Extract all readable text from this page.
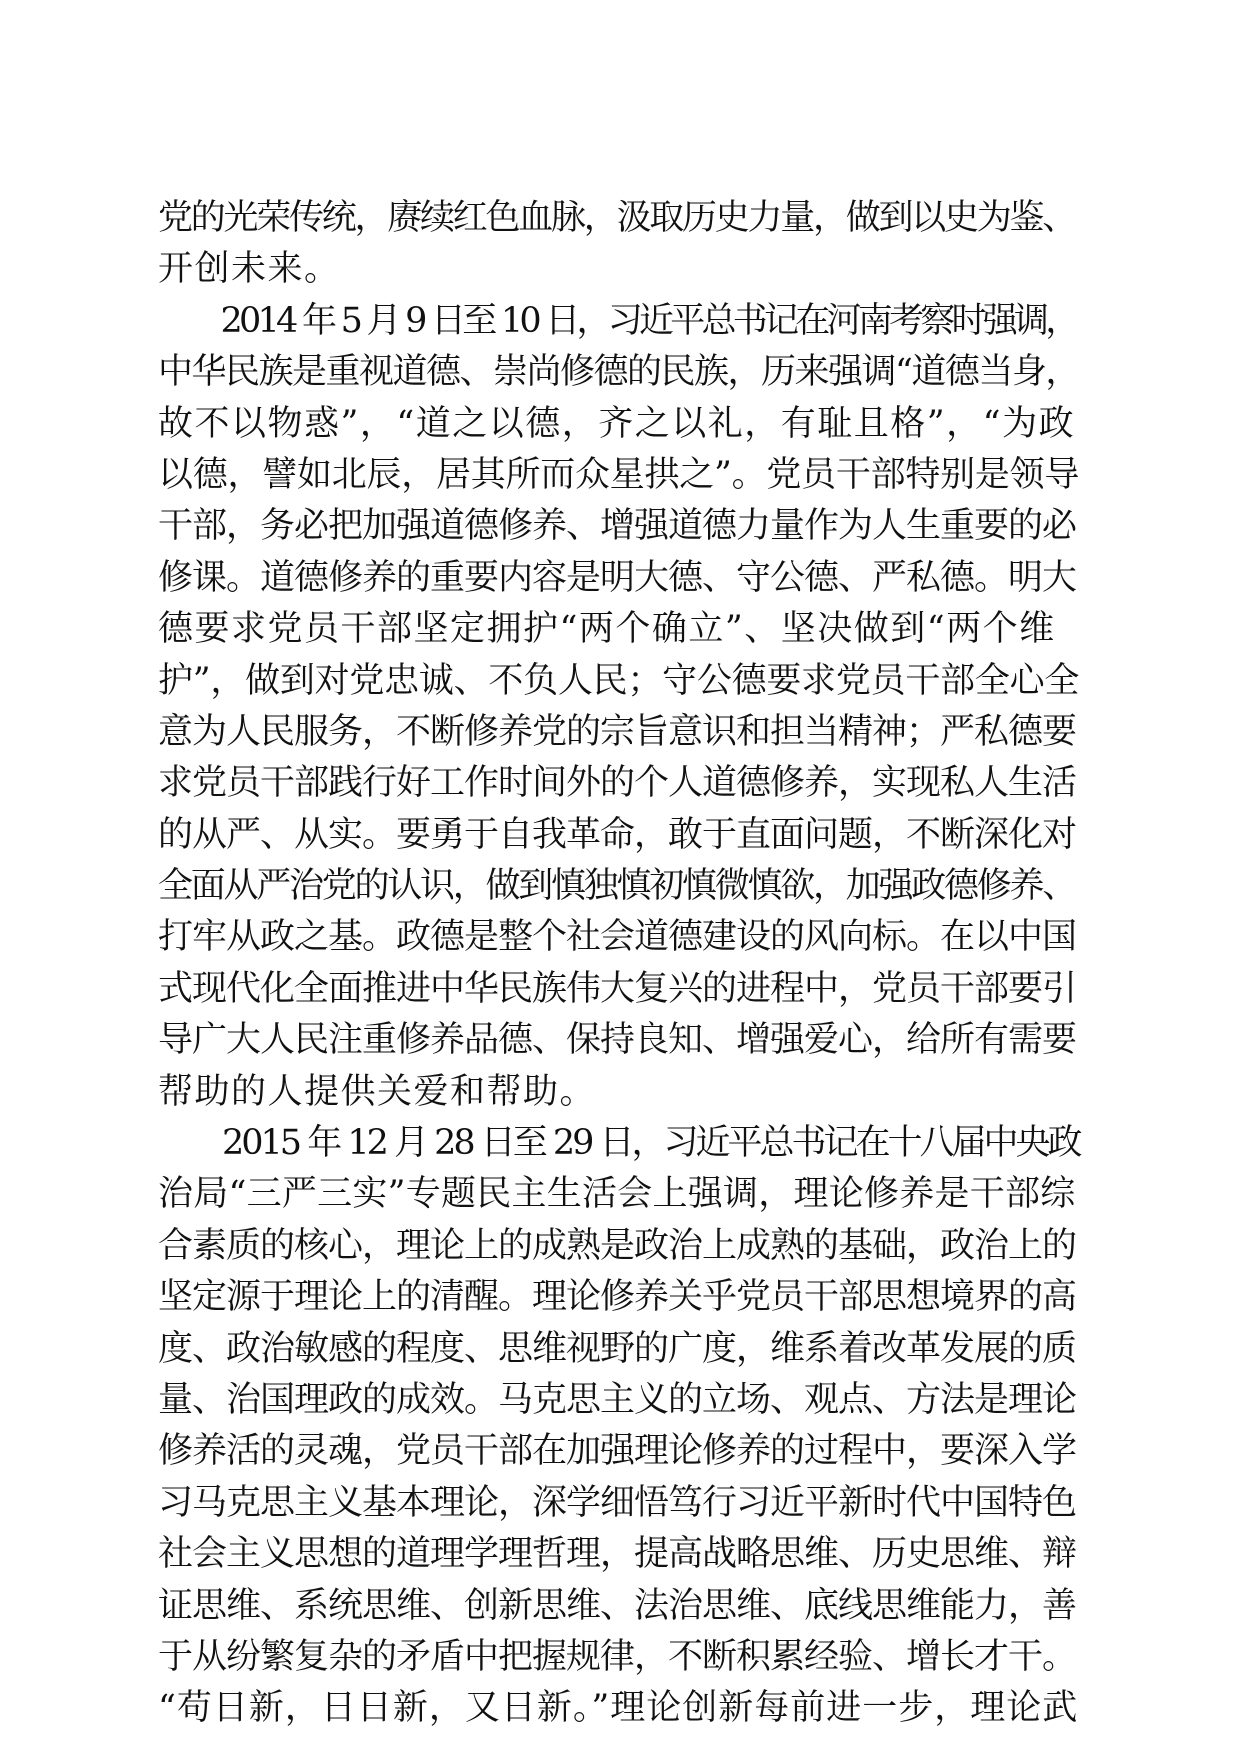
党的光荣传统，赓续红色血脉，汲取历史力量，做到以史为鉴、
开创未来。
　　2014 年 5 月 9 日至 10 日，习近平总书记在河南考察时强调，
中华民族是重视道德、崇尚修德的民族，历来强调“道德当身，
故不以物惑”，“道之以德，齐之以礼，有耻且格”，“为政
以德，譬如北辰，居其所而众星拱之”。党员干部特别是领导
干部，务必把加强道德修养、增强道德力量作为人生重要的必
修课。道德修养的重要内容是明大德、守公德、严私德。明大
德要求党员干部坚定拥护“两个确立”、坚决做到“两个维
护”，做到对党忠诚、不负人民；守公德要求党员干部全心全
意为人民服务，不断修养党的宗旨意识和担当精神；严私德要
求党员干部践行好工作时间外的个人道德修养，实现私人生活
的从严、从实。要勇于自我革命，敢于直面问题，不断深化对
全面从严治党的认识，做到慎独慎初慎微慎欲，加强政德修养、
打牢从政之基。政德是整个社会道德建设的风向标。在以中国
式现代化全面推进中华民族伟大复兴的进程中，党员干部要引
导广大人民注重修养品德、保持良知、增强爱心，给所有需要
帮助的人提供关爱和帮助。
　　2015 年 12 月 28 日至 29 日，习近平总书记在十八届中央政
治局“三严三实”专题民主生活会上强调，理论修养是干部综
合素质的核心，理论上的成熟是政治上成熟的基础，政治上的
坚定源于理论上的清醒。理论修养关乎党员干部思想境界的高
度、政治敏感的程度、思维视野的广度，维系着改革发展的质
量、治国理政的成效。马克思主义的立场、观点、方法是理论
修养活的灵魂，党员干部在加强理论修养的过程中，要深入学
习马克思主义基本理论，深学细悟笃行习近平新时代中国特色
社会主义思想的道理学理哲理，提高战略思维、历史思维、辩
证思维、系统思维、创新思维、法治思维、底线思维能力，善
于从纷繁复杂的矛盾中把握规律，不断积累经验、增长才干。
“苟日新，日日新，又日新。”理论创新每前进一步，理论武
